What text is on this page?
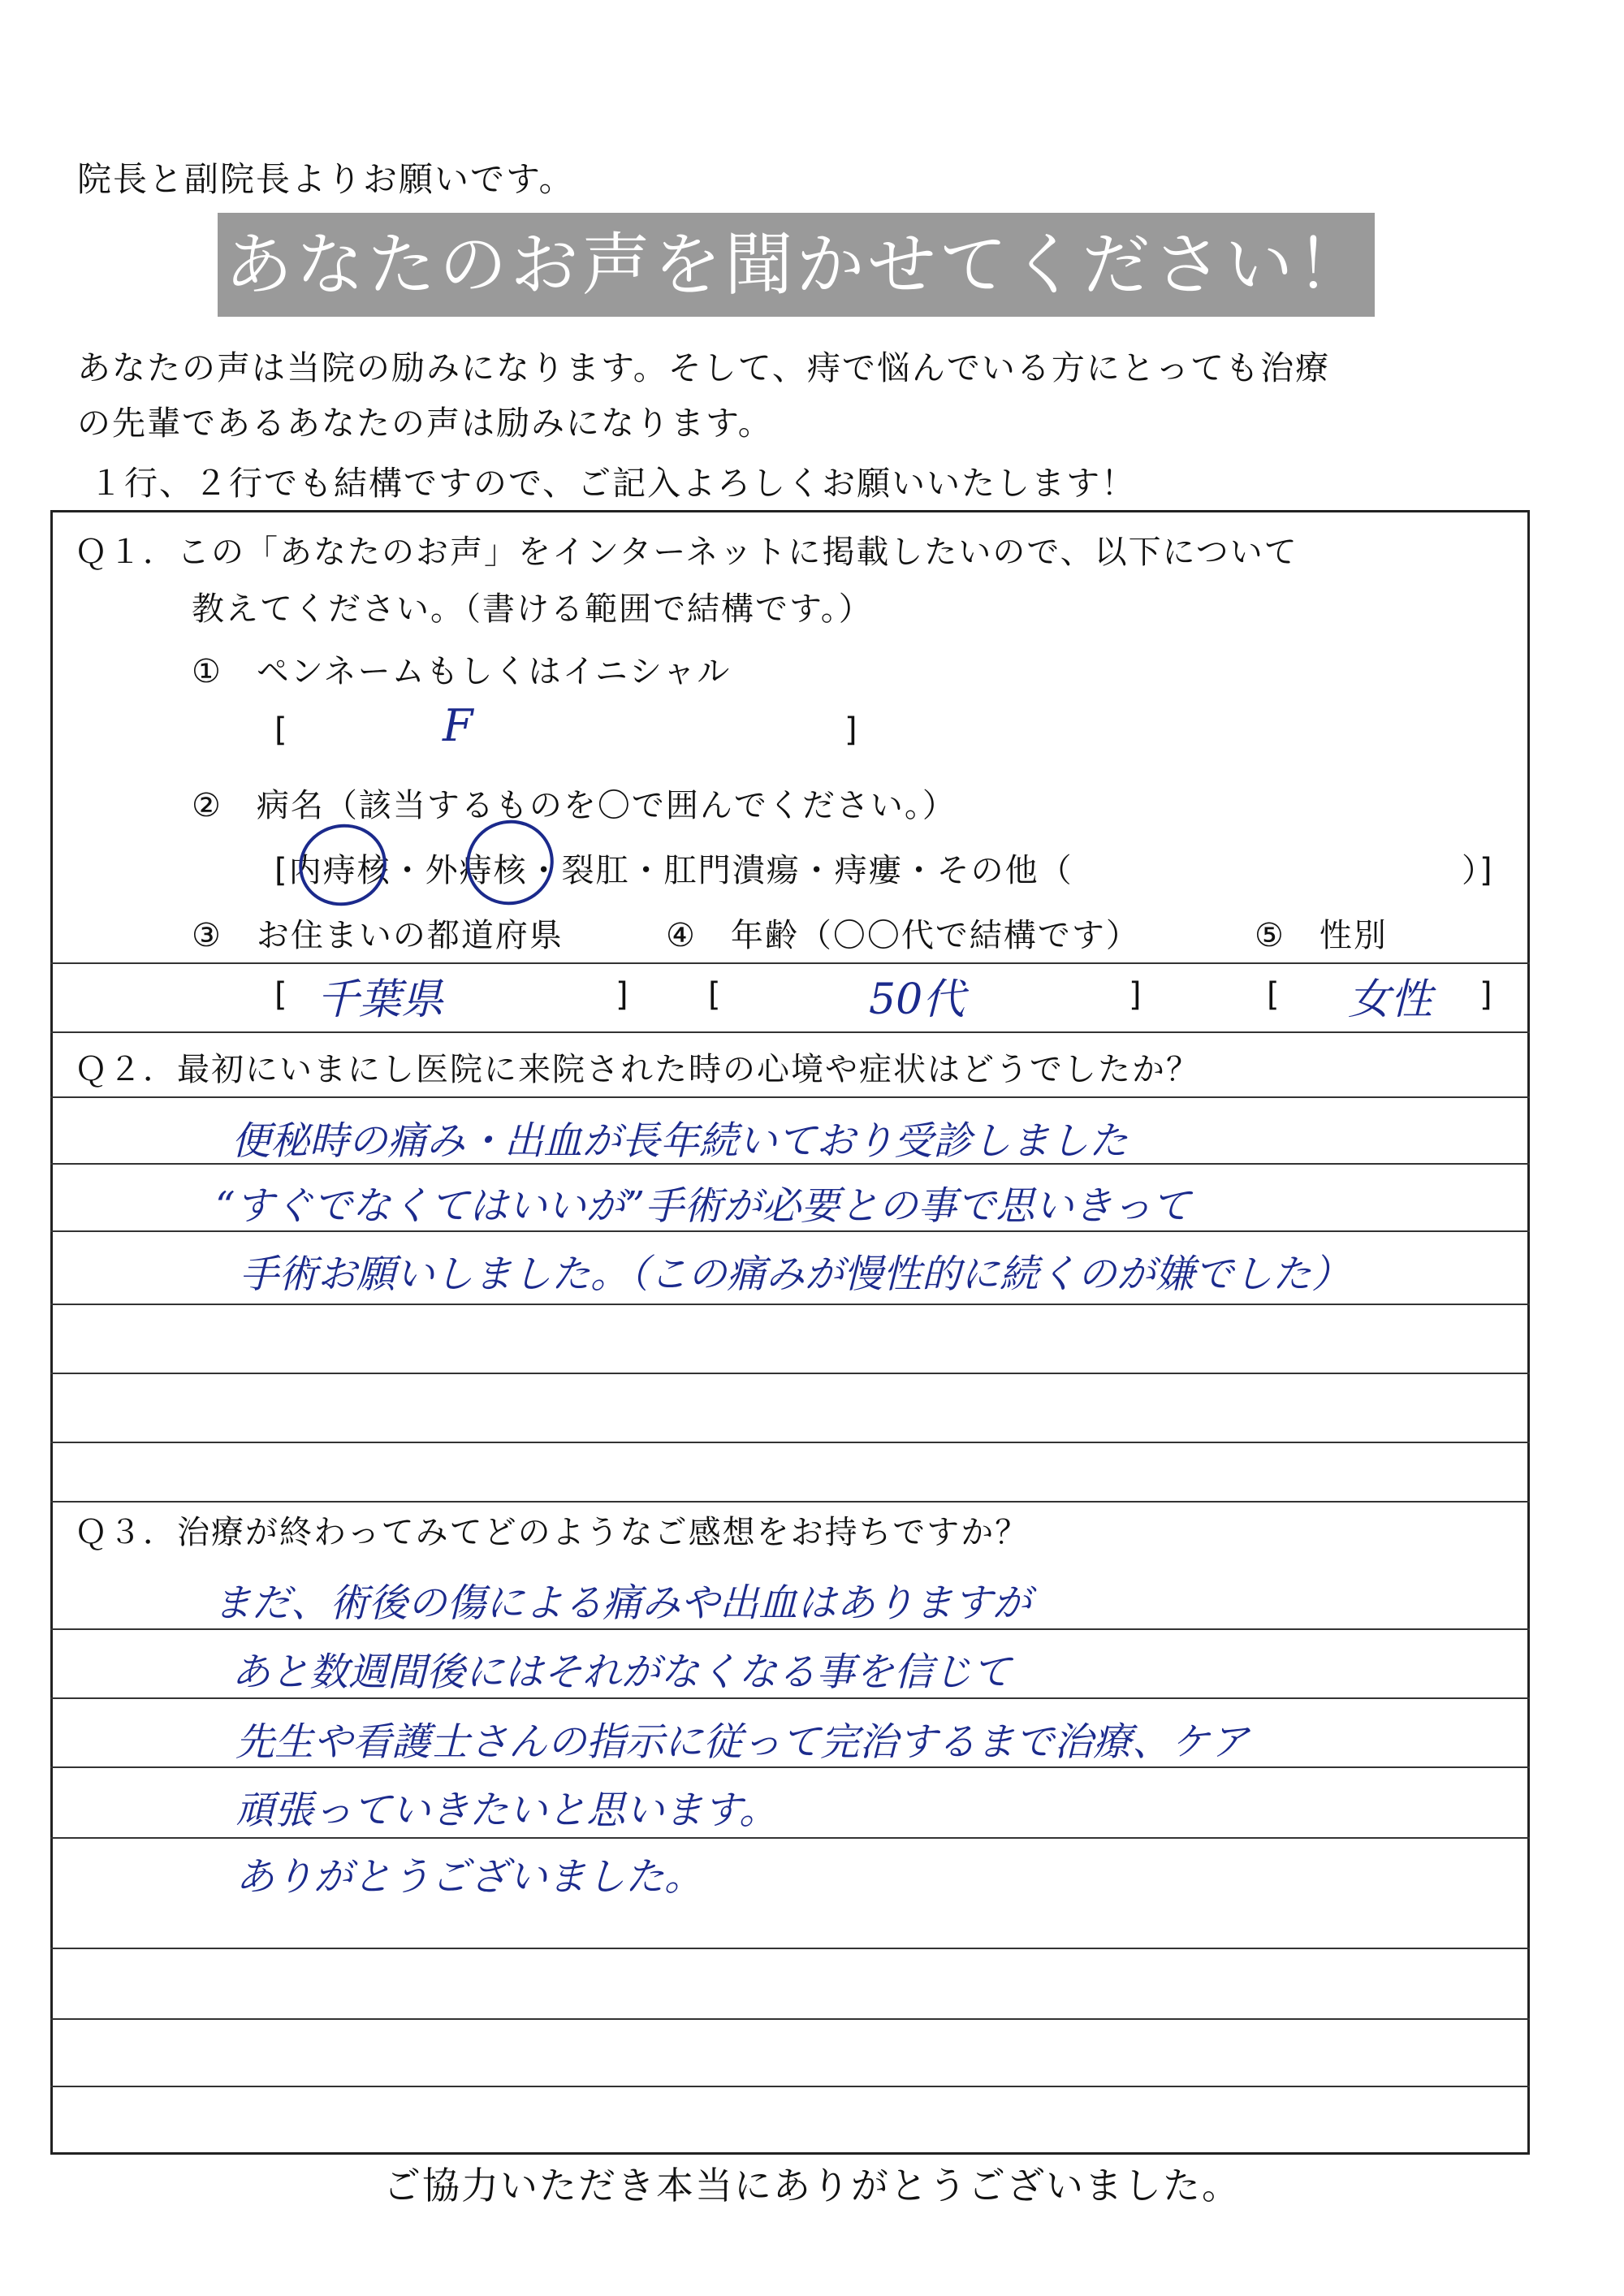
院長と副院長よりお願いです。
あなたのお声を聞かせてください！
あなたの声は当院の励みになります。そして、痔で悩んでいる方にとっても治療
の先輩であるあなたの声は励みになります。
１行、２行でも結構ですので、ご記入よろしくお願いいたします！
Ｑ１．この「あなたのお声」をインターネットに掲載したいので、以下について
教えてください。（書ける範囲で結構です。）
①　ペンネームもしくはイニシャル
[	F	]
②　病名（該当するものを〇で囲んでください。）
[内痔核・外痔核・裂肛・肛門潰瘍・痔瘻・その他（	）]
③　お住まいの都道府県	④　年齢（〇〇代で結構です）	⑤　性別
[ 千葉県	] [	50代	]	[ 女性 ]
Ｑ２．最初にいまにし医院に来院された時の心境や症状はどうでしたか？
便秘時の痛み・出血が長年続いており受診しました
“すぐでなくてはいいが”手術が必要との事で思いきって
手術お願いしました。（この痛みが慢性的に続くのが嫌でした）
Ｑ３．治療が終わってみてどのようなご感想をお持ちですか？
まだ、術後の傷による痛みや出血はありますが
あと数週間後にはそれがなくなる事を信じて
先生や看護士さんの指示に従って完治するまで治療、ケア
頑張っていきたいと思います。
ありがとうございました。
ご協力いただき本当にありがとうございました。
